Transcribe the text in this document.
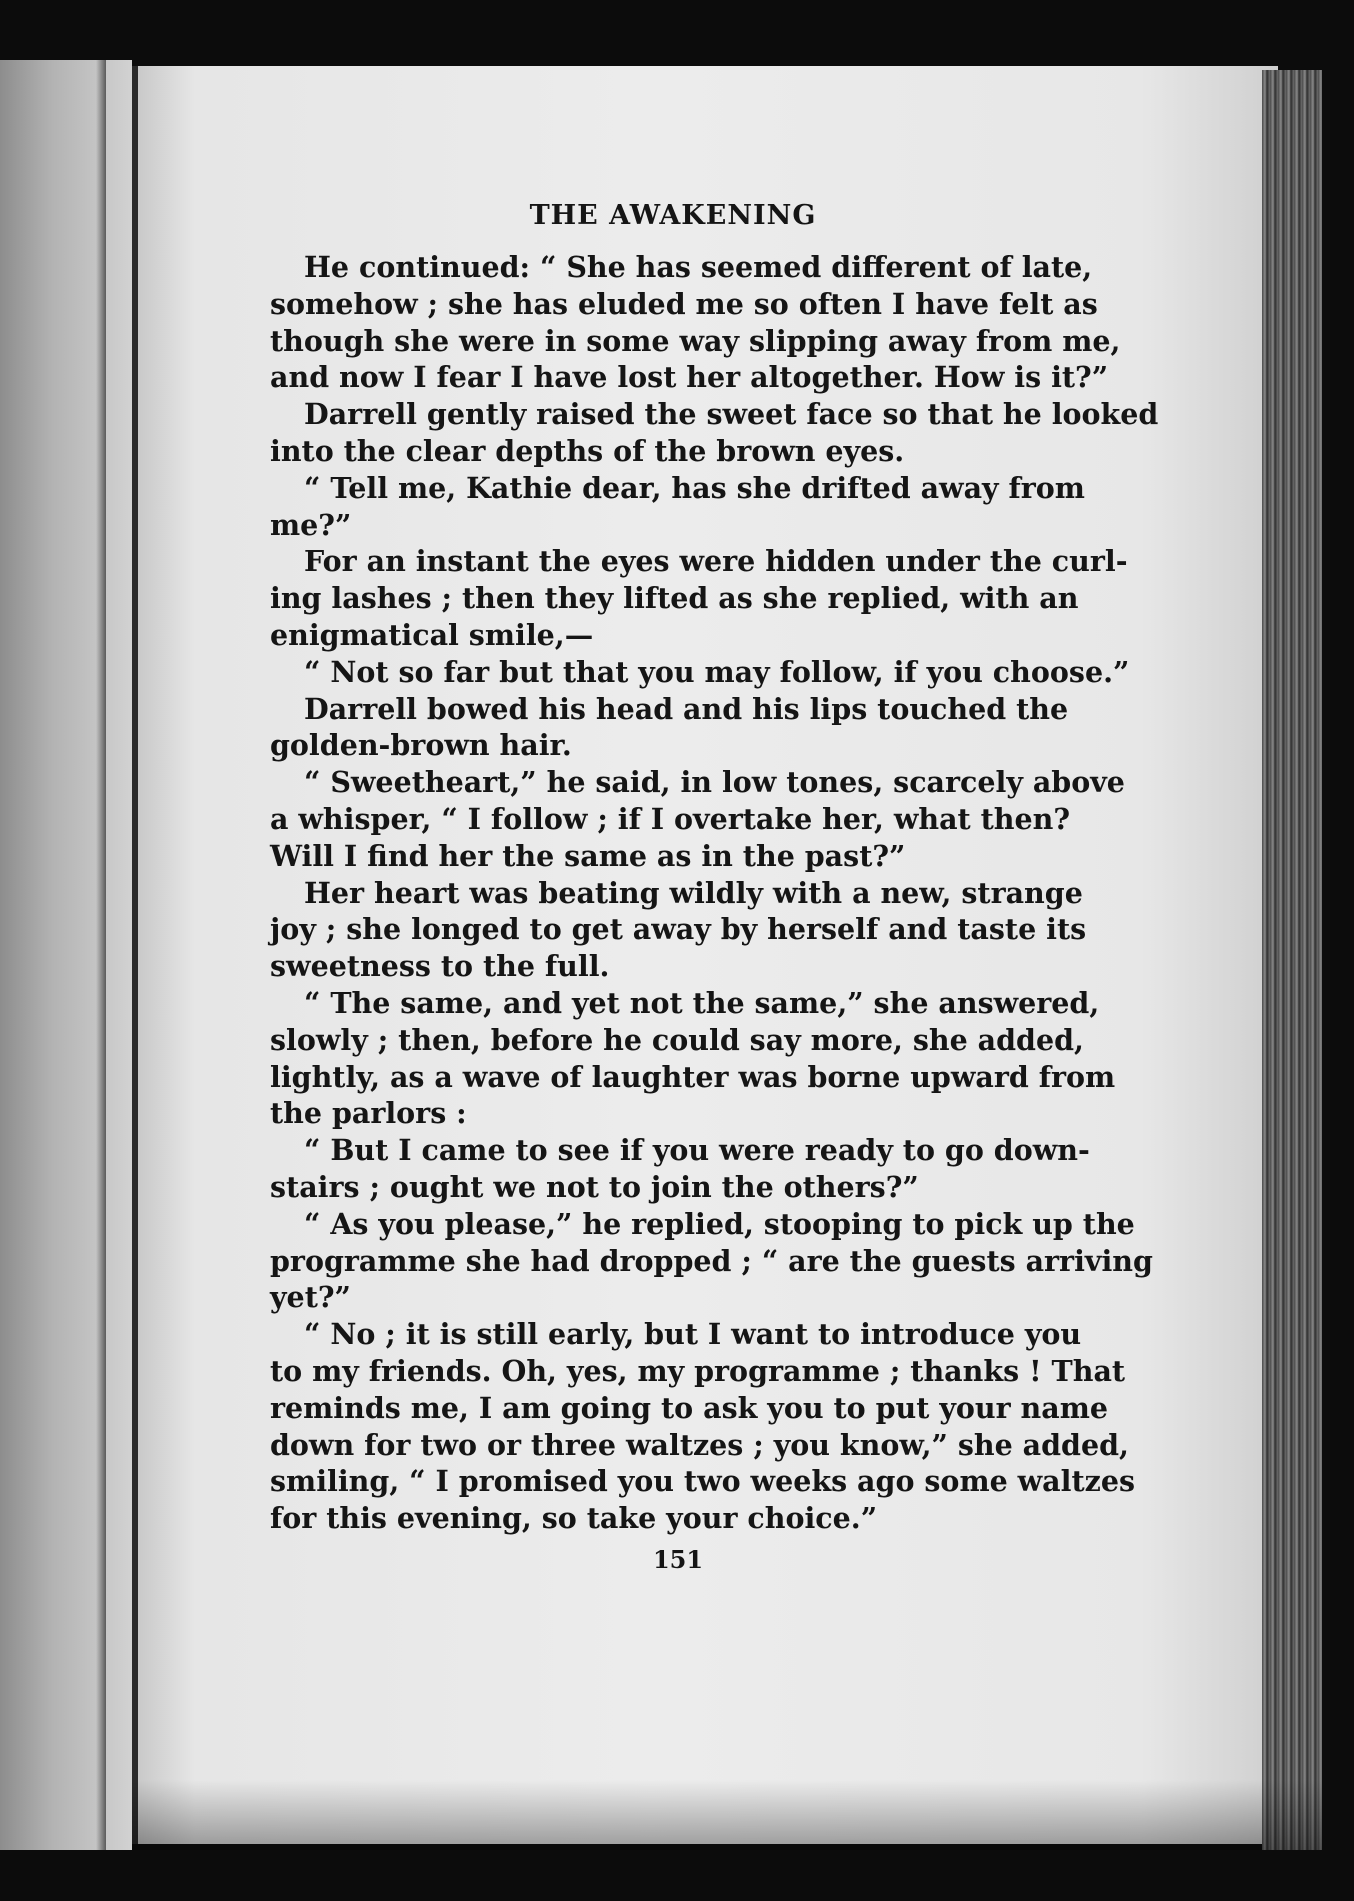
THE AWAKENING
He continued: “ She has seemed different of late,
somehow ; she has eluded me so often I have felt as
though she were in some way slipping away from me,
and now I fear I have lost her altogether. How is it?”
Darrell gently raised the sweet face so that he looked
into the clear depths of the brown eyes.
“ Tell me, Kathie dear, has she drifted away from
me?”
For an instant the eyes were hidden under the curl-
ing lashes ; then they lifted as she replied, with an
enigmatical smile,—
“ Not so far but that you may follow, if you choose.”
Darrell bowed his head and his lips touched the
golden-brown hair.
“ Sweetheart,” he said, in low tones, scarcely above
a whisper, “ I follow ; if I overtake her, what then?
Will I find her the same as in the past?”
Her heart was beating wildly with a new, strange
joy ; she longed to get away by herself and taste its
sweetness to the full.
“ The same, and yet not the same,” she answered,
slowly ; then, before he could say more, she added,
lightly, as a wave of laughter was borne upward from
the parlors :
“ But I came to see if you were ready to go down-
stairs ; ought we not to join the others?”
“ As you please,” he replied, stooping to pick up the
programme she had dropped ; “ are the guests arriving
yet?”
“ No ; it is still early, but I want to introduce you
to my friends. Oh, yes, my programme ; thanks ! That
reminds me, I am going to ask you to put your name
down for two or three waltzes ; you know,” she added,
smiling, “ I promised you two weeks ago some waltzes
for this evening, so take your choice.”
151
